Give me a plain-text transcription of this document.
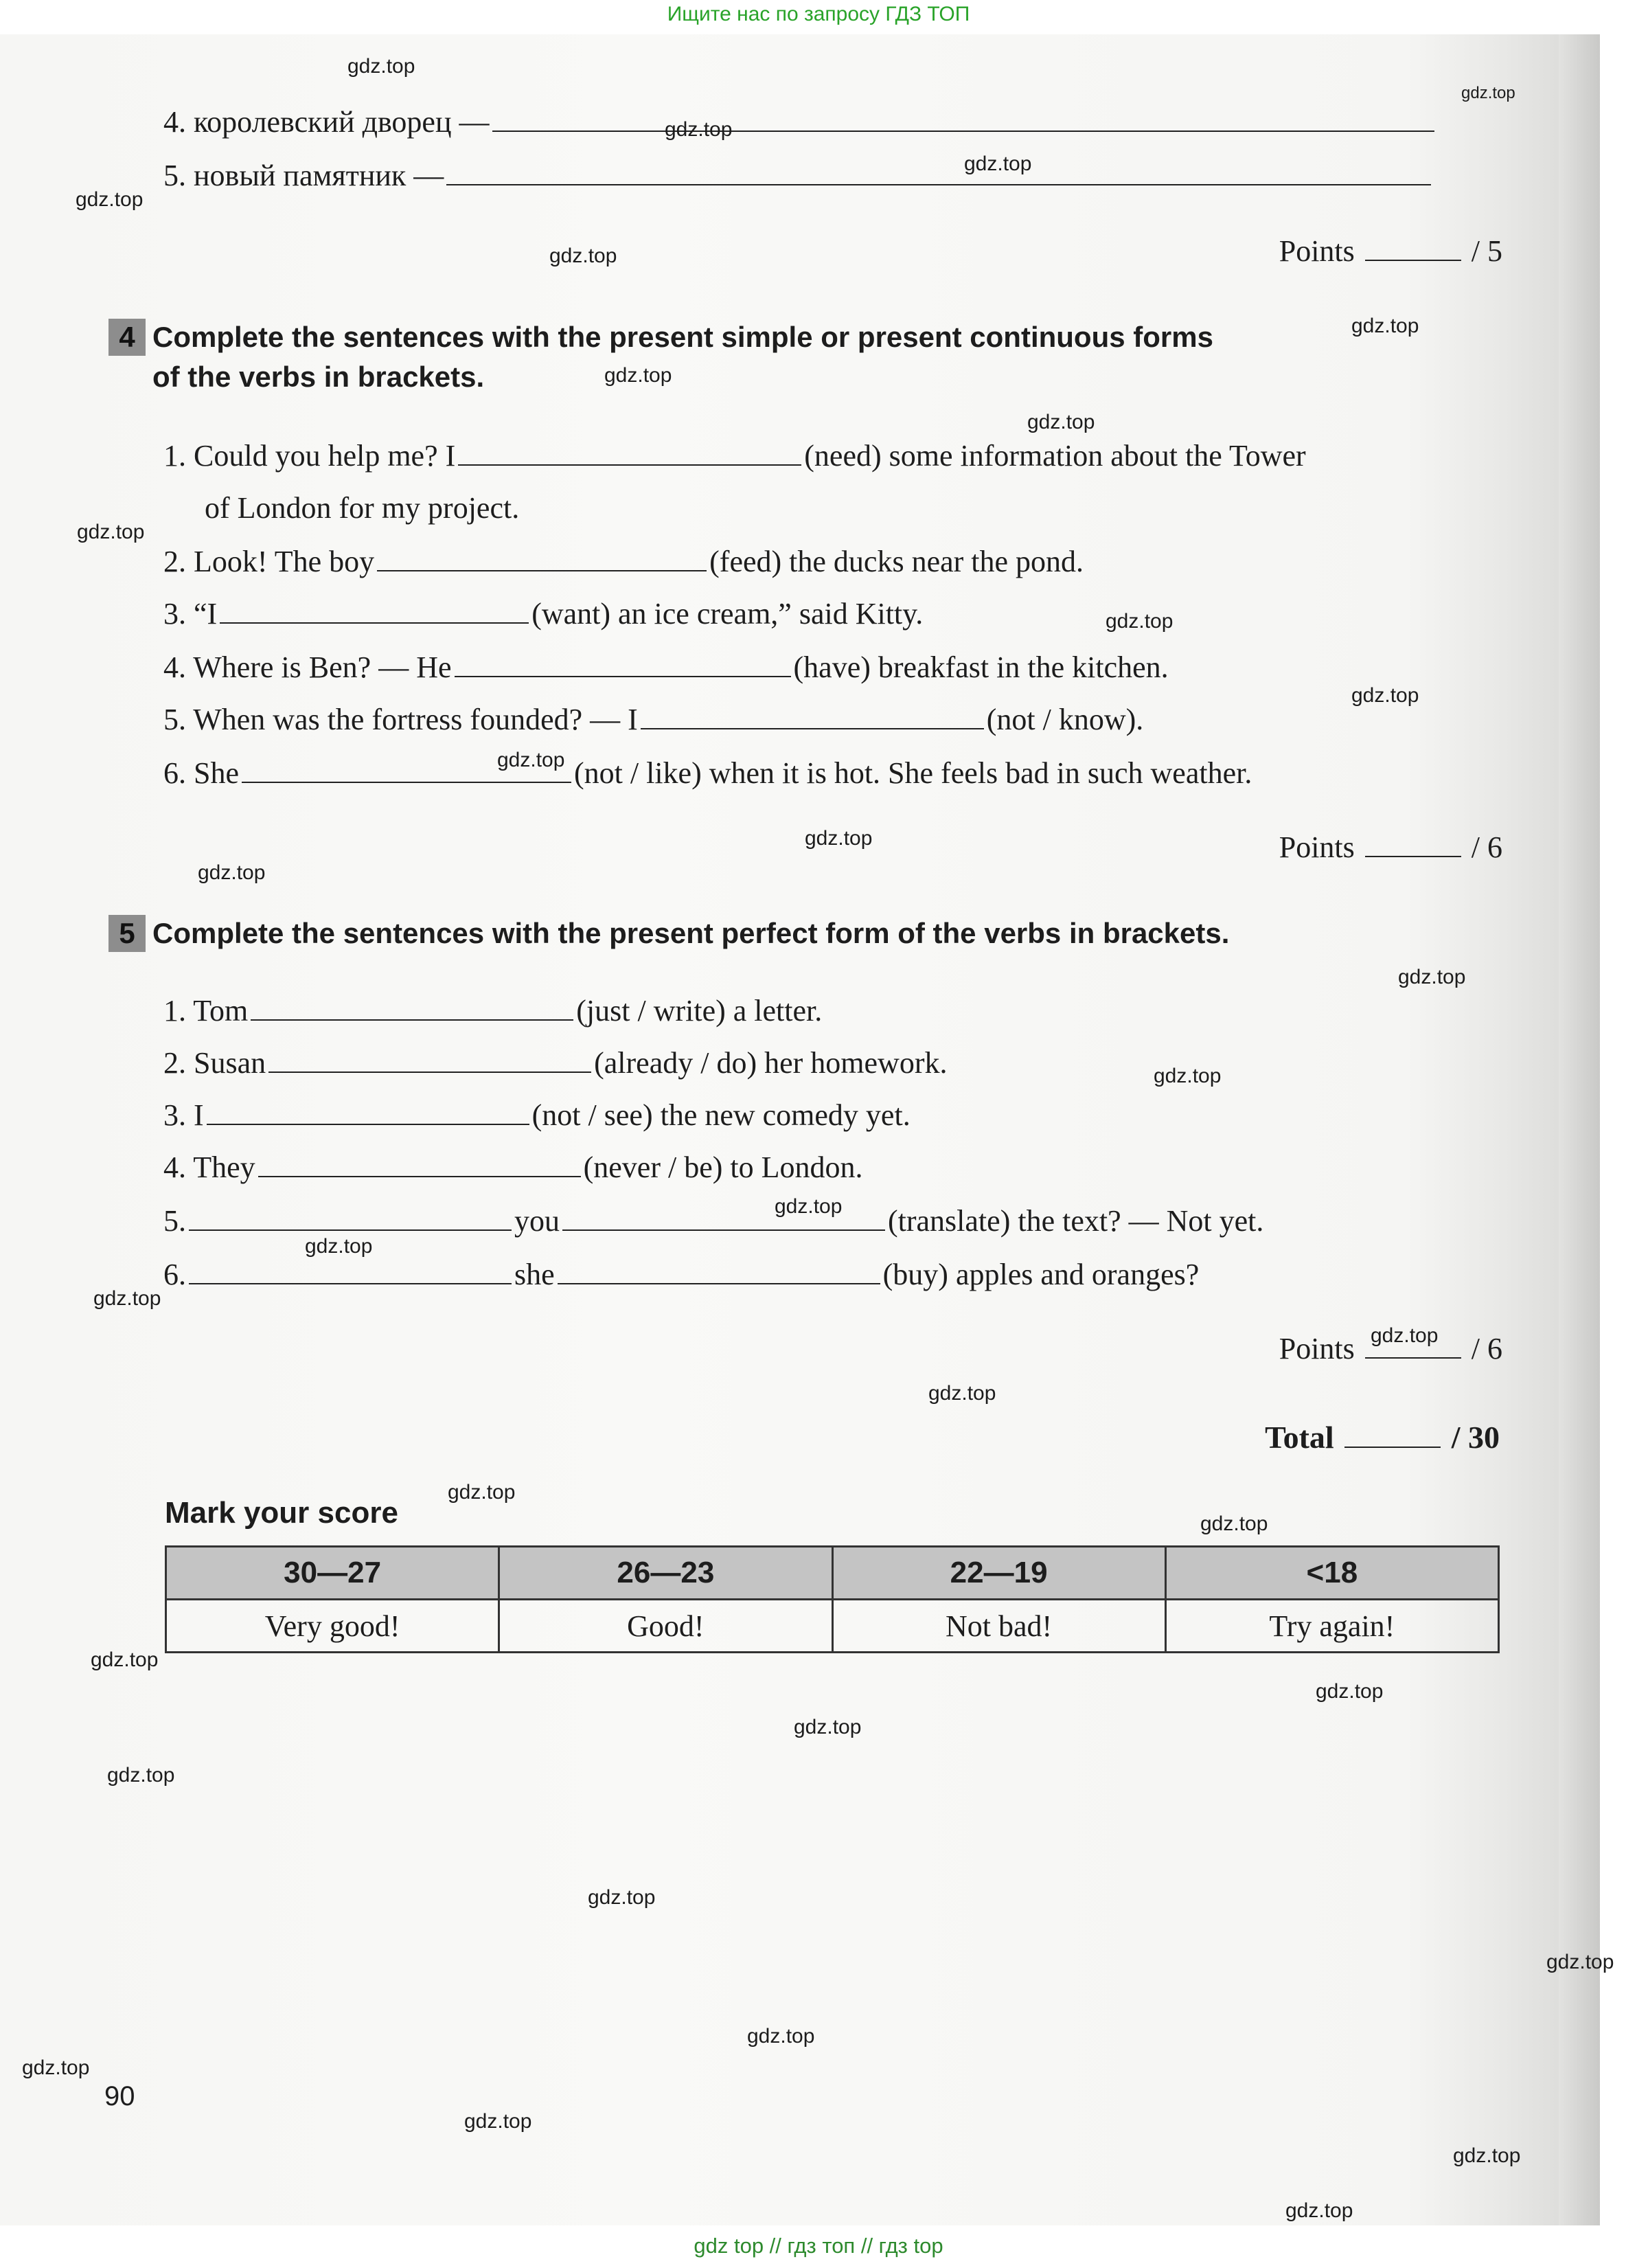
Ищите нас по запросу ГДЗ ТОП
4. королевский дворец —
5. новый памятник —
Points	/ 5
4 Complete the sentences with the present simple or present continuous forms
of the verbs in brackets.
1. Could you help me? I	(need) some information about the Tower
of London for my project.
2. Look! The boy	(feed) the ducks near the pond.
3. “I	(want) an ice cream,” said Kitty.
4. Where is Ben? — He	(have) breakfast in the kitchen.
5. When was the fortress founded? — I	(not / know).
6. She	(not / like) when it is hot. She feels bad in such weather.
Points	/ 6
5 Complete the sentences with the present perfect form of the verbs in brackets.
1. Tom	(just / write) a letter.
2. Susan	(already / do) her homework.
3. I	(not / see) the new comedy yet.
4. They	(never / be) to London.
5.	you	(translate) the text? — Not yet.
6.	she	(buy) apples and oranges?
Points	/ 6
Total	/ 30
Mark your score
30—27	26—23	22—19	<18
Very good!	Good!	Not bad!	Try again!
90
gdz.top
gdz.top
gdz.top
gdz.top
gdz.top
gdz.top
gdz.top
gdz.top
gdz.top
gdz.top
gdz.top
gdz.top
gdz.top
gdz.top
gdz.top
gdz.top
gdz.top
gdz.top
gdz.top
gdz.top
gdz.top
gdz.top
gdz.top
gdz.top
gdz.top
gdz.top
gdz.top
gdz.top
gdz.top
gdz.top
gdz.top
gdz.top
gdz.top
gdz.top
gdz.top
gdz top // гдз топ // гдз top
